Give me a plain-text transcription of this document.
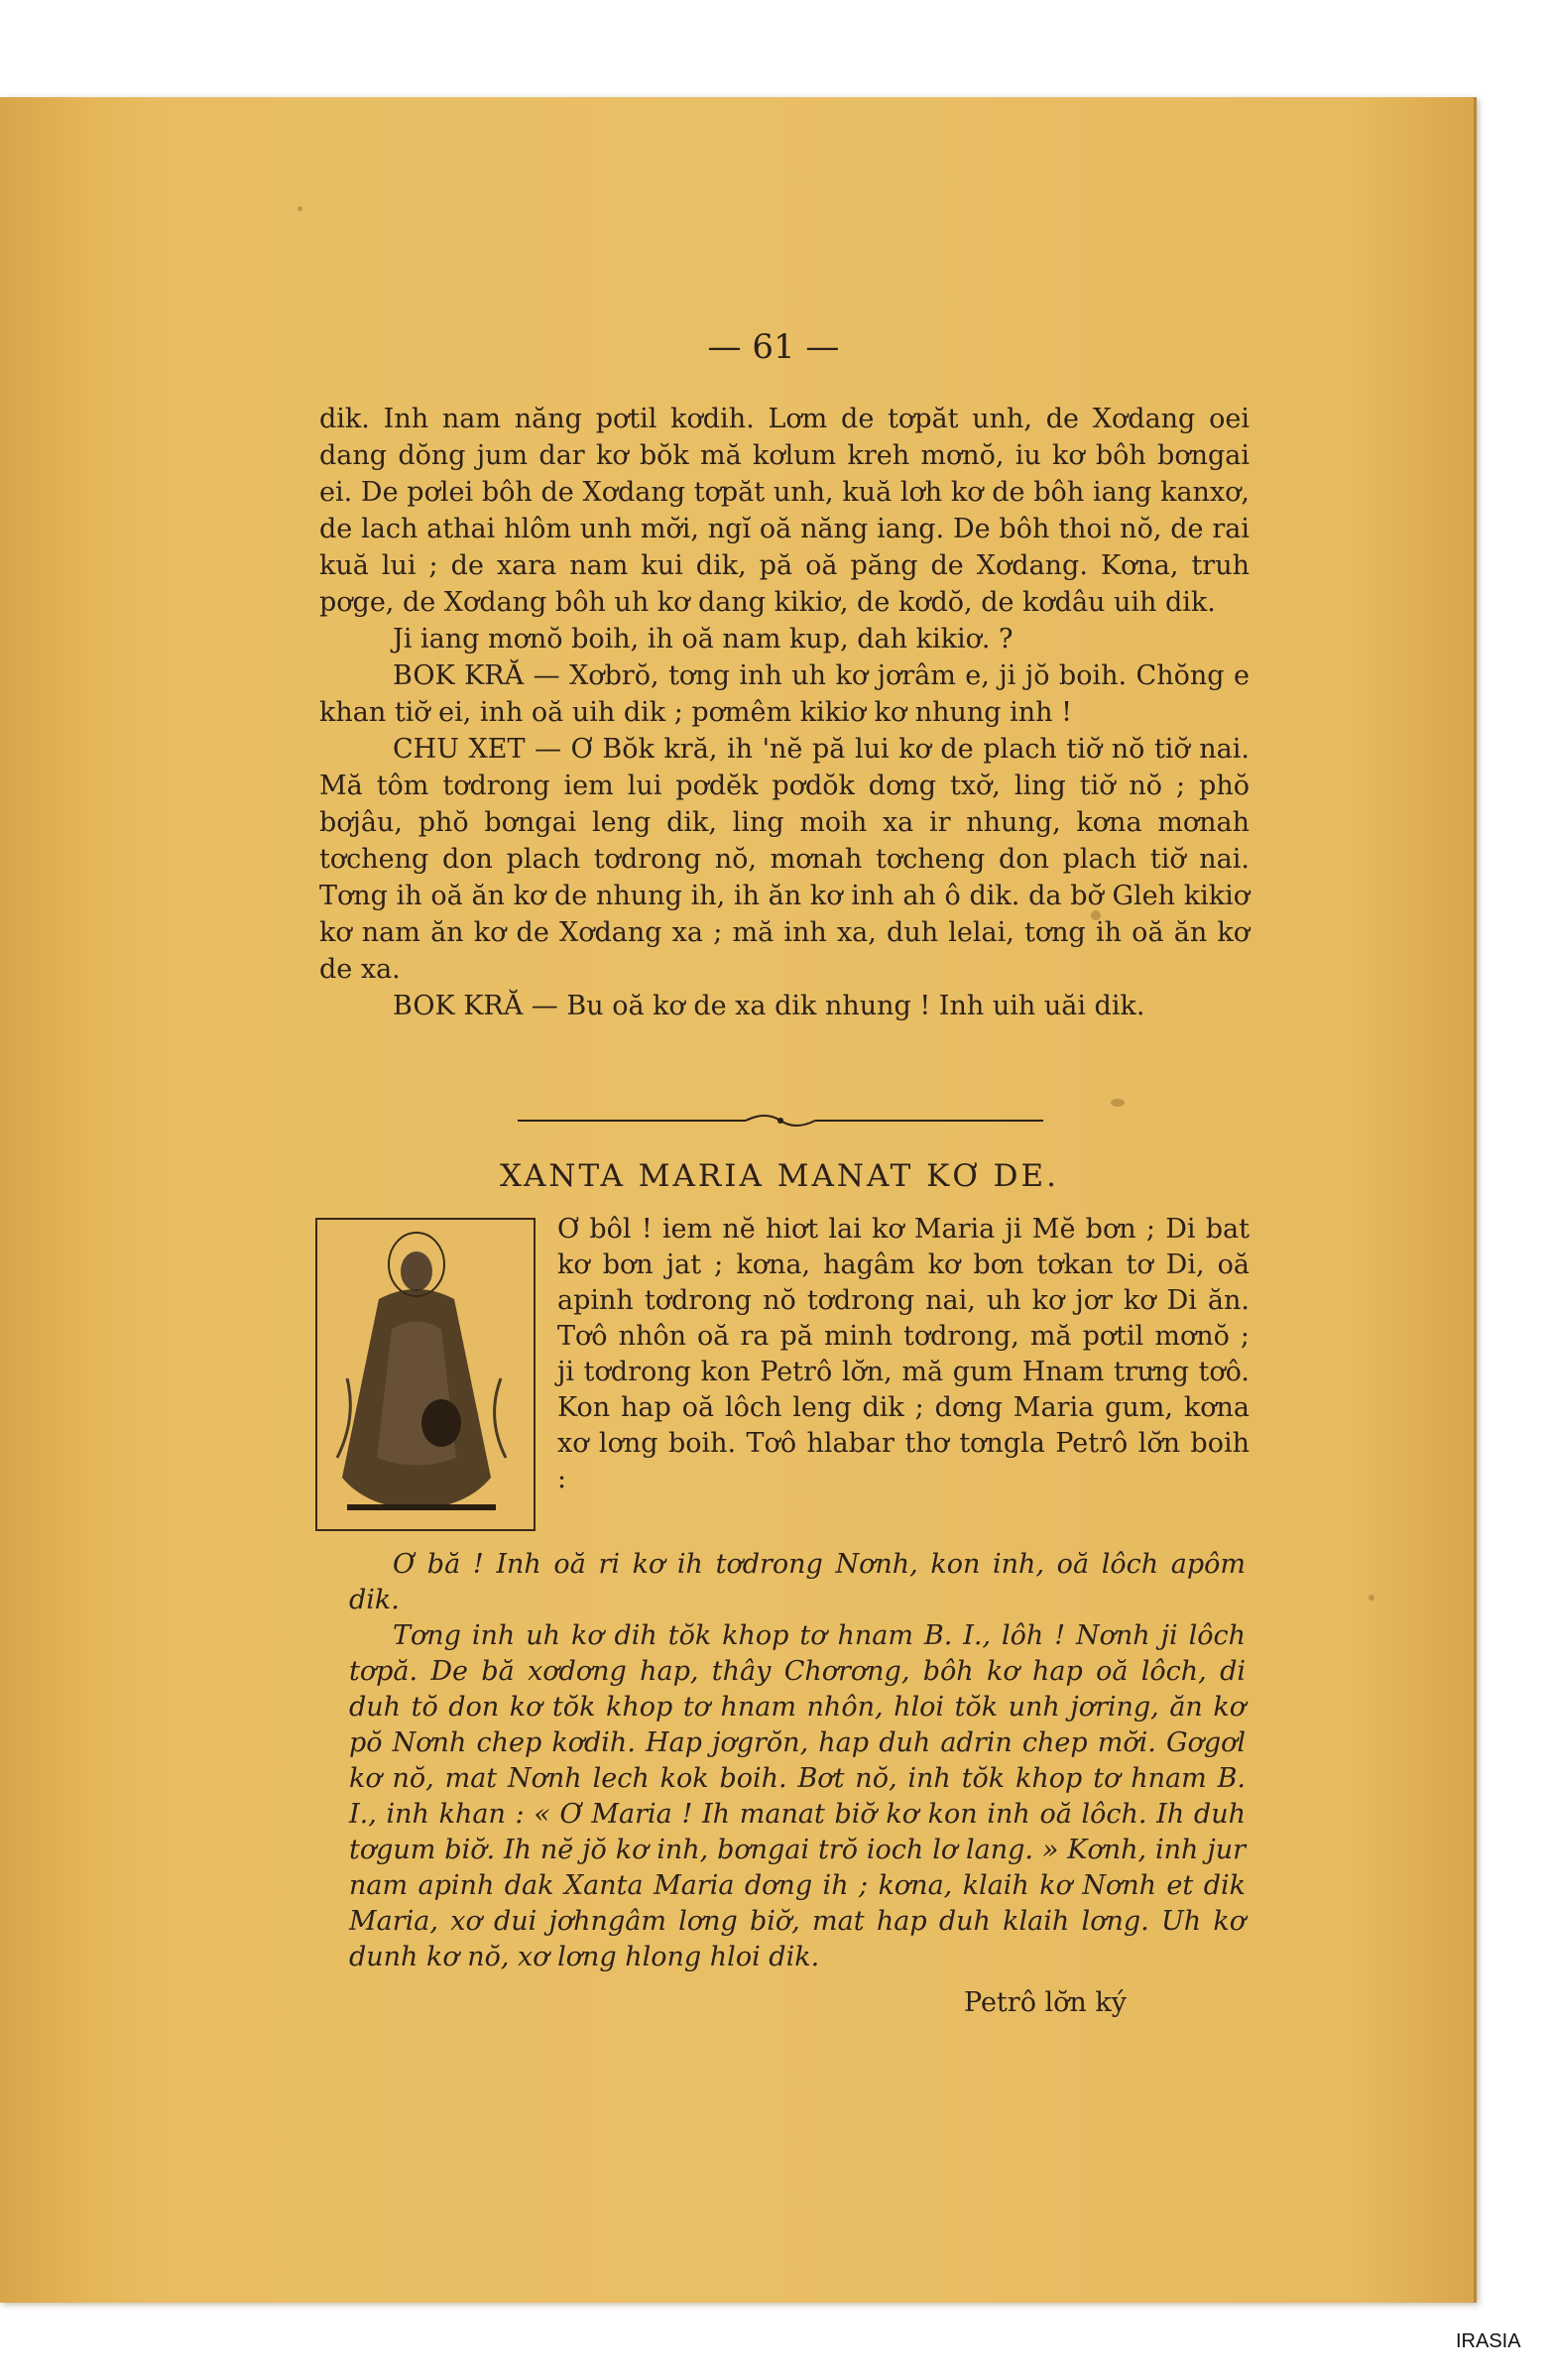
— 61 —

dik. Inh nam năng pơtil kơdih. Lơm de tơpăt unh, de Xơdang oei dang dŏng jum dar kơ bŏk mă kơlum kreh mơnŏ, iu kơ bôh bơngai ei. De pơlei bôh de Xơdang tơpăt unh, kuă lơh kơ de bôh iang kanxơ, de lach athai hlôm unh mơ̆i, ngĭ oă năng iang. De bôh thoi nŏ, de rai kuă lui ; de xara nam kui dik, pă oă păng de Xơdang. Kơna, truh pơge, de Xơdang bôh uh kơ dang kikiơ, de kơdŏ, de kơdâu uih dik.

Ji iang mơnŏ boih, ih oă nam kup, dah kikiơ. ?

BOK KRĂ — Xơbrŏ, tơng inh uh kơ jơrâm e, ji jŏ boih. Chŏng e khan tiơ̆ ei, inh oă uih dik ; pơmêm kikiơ kơ nhung inh !

CHU XET — Ơ Bŏk kră, ih 'nĕ pă lui kơ de plach tiơ̆ nŏ tiơ̆ nai. Mă tôm tơdrong iem lui pơdĕk pơdŏk dơng txơ̆, ling tiơ̆ nŏ ; phŏ bơjâu, phŏ bơngai leng dik, ling moih xa ir nhung, kơna mơnah tơcheng don plach tơdrong nŏ, mơnah tơcheng don plach tiơ̆ nai. Tơng ih oă ăn kơ de nhung ih, ih ăn kơ inh ah ô dik. da bơ̆ Gleh kikiơ kơ nam ăn kơ de Xơdang xa ; mă inh xa, duh lelai, tơng ih oă ăn kơ de xa.

BOK KRĂ — Bu oă kơ de xa dik nhung ! Inh uih uăi dik.

XANTA MARIA MANAT KƠ DE.
Ơ bôl ! iem nĕ hiơt lai kơ Maria ji Mĕ bơn ; Di bat kơ bơn jat ; kơna, hagâm kơ bơn tơkan tơ Di, oă apinh tơdrong nŏ tơdrong nai, uh kơ jơr kơ Di ăn. Tơô nhôn oă ra pă minh tơdrong, mă pơtil mơnŏ ; ji tơdrong kon Petrô lơ̆n, mă gum Hnam trưng tơô. Kon hap oă lôch leng dik ; dơng Maria gum, kơna xơ lơng boih. Tơô hlabar thơ tơngla Petrô lơ̆n boih :

Ơ bă ! Inh oă ri kơ ih tơdrong Nơnh, kon inh, oă lôch apôm dik.

Tơng inh uh kơ dih tŏk khop tơ hnam B. I., lôh ! Nơnh ji lôch tơpă. De bă xơdơng hap, thây Chơrơng, bôh kơ hap oă lôch, di duh tŏ don kơ tŏk khop tơ hnam nhôn, hloi tŏk unh jơring, ăn kơ pŏ Nơnh chep kơdih. Hap jơgrŏn, hap duh adrin chep mơ̆i. Gơgơl kơ nŏ, mat Nơnh lech kok boih. Bơt nŏ, inh tŏk khop tơ hnam B. I., inh khan : « Ơ Maria ! Ih manat biơ̆ kơ kon inh oă lôch. Ih duh tơgum biơ̆. Ih nĕ jŏ kơ inh, bơngai trŏ ioch lơ lang. » Kơnh, inh jur nam apinh dak Xanta Maria dơng ih ; kơna, klaih kơ Nơnh et dik Maria, xơ dui jơhngâm lơng biơ̆, mat hap duh klaih lơng. Uh kơ dunh kơ nŏ, xơ lơng hlong hloi dik.

Petrô lơ̆n ký
IRASIA
